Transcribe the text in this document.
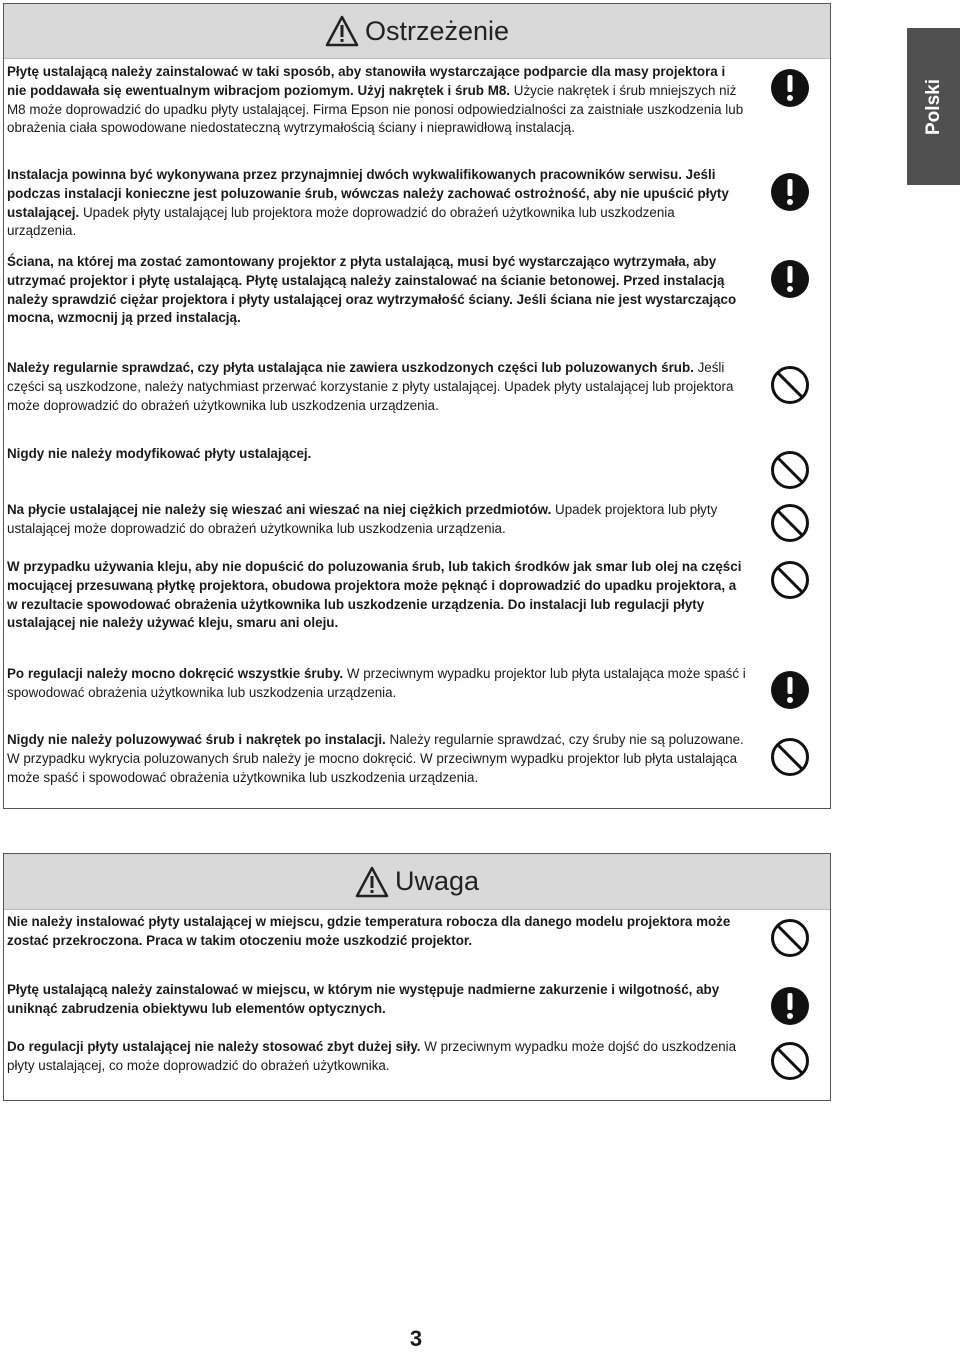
Ostrzeżenie
Uwaga
Płytę ustalającą należy zainstalować w taki sposób, aby stanowiła wystarczające podparcie dla masy projektora i nie poddawała się ewentualnym wibracjom poziomym. Użyj nakrętek i śrub M8. Użycie nakrętek i śrub mniejszych niż M8 może doprowadzić do upadku płyty ustalającej. Firma Epson nie ponosi odpowiedzialności za zaistniałe uszkodzenia lub obrażenia ciała spowodowane niedostateczną wytrzymałością ściany i nieprawidłową instalacją.
Instalacja powinna być wykonywana przez przynajmniej dwóch wykwalifikowanych pracowników serwisu. Jeśli podczas instalacji konieczne jest poluzowanie śrub, wówczas należy zachować ostrożność, aby nie upuścić płyty ustalającej. Upadek płyty ustalającej lub projektora może doprowadzić do obrażeń użytkownika lub uszkodzenia urządzenia.
Ściana, na której ma zostać zamontowany projektor z płyta ustalającą, musi być wystarczająco wytrzymała, aby utrzymać projektor i płytę ustalającą. Płytę ustalającą należy zainstalować na ścianie betonowej. Przed instalacją należy sprawdzić ciężar projektora i płyty ustalającej oraz wytrzymałość ściany. Jeśli ściana nie jest wystarczająco mocna, wzmocnij ją przed instalacją.
Należy regularnie sprawdzać, czy płyta ustalająca nie zawiera uszkodzonych części lub poluzowanych śrub. Jeśli części są uszkodzone, należy natychmiast przerwać korzystanie z płyty ustalającej. Upadek płyty ustalającej lub projektora może doprowadzić do obrażeń użytkownika lub uszkodzenia urządzenia.
Nigdy nie należy modyfikować płyty ustalającej.
Na płycie ustalającej nie należy się wieszać ani wieszać na niej ciężkich przedmiotów. Upadek projektora lub płyty ustalającej może doprowadzić do obrażeń użytkownika lub uszkodzenia urządzenia.
W przypadku używania kleju, aby nie dopuścić do poluzowania śrub, lub takich środków jak smar lub olej na części mocującej przesuwaną płytkę projektora, obudowa projektora może pęknąć i doprowadzić do upadku projektora, a w rezultacie spowodować obrażenia użytkownika lub uszkodzenie urządzenia. Do instalacji lub regulacji płyty ustalającej nie należy używać kleju, smaru ani oleju.
Po regulacji należy mocno dokręcić wszystkie śruby. W przeciwnym wypadku projektor lub płyta ustalająca może spaść i spowodować obrażenia użytkownika lub uszkodzenia urządzenia.
Nigdy nie należy poluzowywać śrub i nakrętek po instalacji. Należy regularnie sprawdzać, czy śruby nie są poluzowane. W przypadku wykrycia poluzowanych śrub należy je mocno dokręcić. W przeciwnym wypadku projektor lub płyta ustalająca może spaść i spowodować obrażenia użytkownika lub uszkodzenia urządzenia.
Nie należy instalować płyty ustalającej w miejscu, gdzie temperatura robocza dla danego modelu projektora może zostać przekroczona. Praca w takim otoczeniu może uszkodzić projektor.
Płytę ustalającą należy zainstalować w miejscu, w którym nie występuje nadmierne zakurzenie i wilgotność, aby uniknąć zabrudzenia obiektywu lub elementów optycznych.
Do regulacji płyty ustalającej nie należy stosować zbyt dużej siły. W przeciwnym wypadku może dojść do uszkodzenia płyty ustalającej, co może doprowadzić do obrażeń użytkownika.
Polski
3
